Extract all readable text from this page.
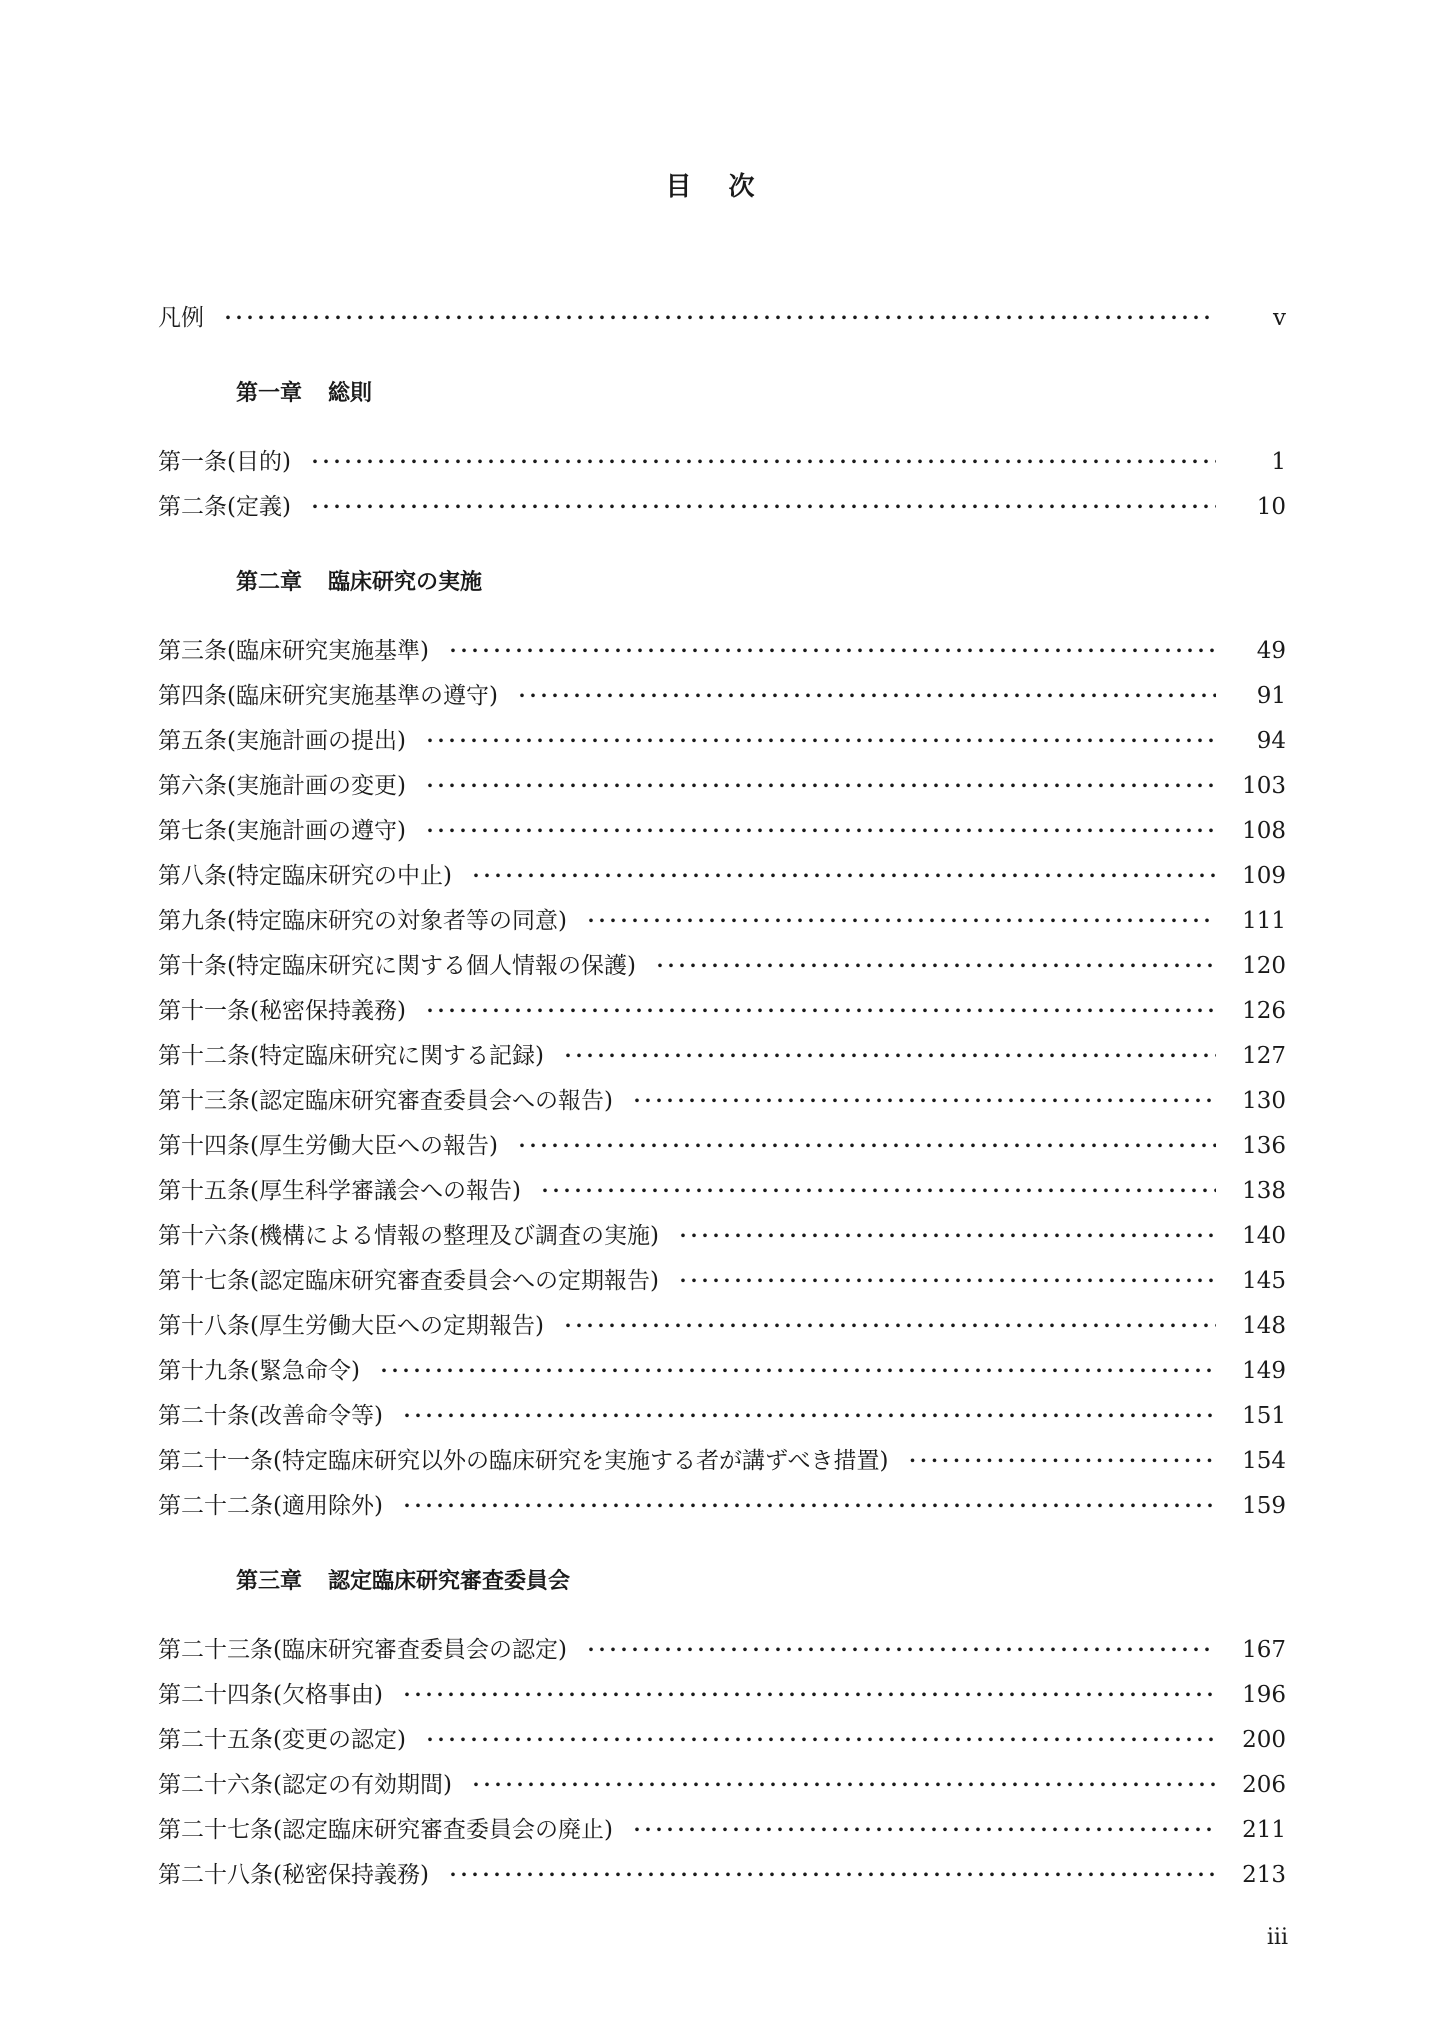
目 次
凡例 ・・・・・・・・・・・・・・・・・・・・・・・・・・・・・・・・・・・・・・・・・・・・・・・・・・・・・・・・・・・・・・・・・・・・・・・・・・・・・・・・・・・・・・・・・・・・・・・・・・・・・・・・	v
第一章 総則
第一条(目的) ・・・・・・・・・・・・・・・・・・・・・・・・・・・・・・・・・・・・・・・・・・・・・・・・・・・・・・・・・・・・・・・・・・・・・・・・・・・・・・・・・・・・・・・・・・・・・・・・・・・・・・・・	1
第二条(定義) ・・・・・・・・・・・・・・・・・・・・・・・・・・・・・・・・・・・・・・・・・・・・・・・・・・・・・・・・・・・・・・・・・・・・・・・・・・・・・・・・・・・・・・・・・・・・・・・・・・・・・・・・	10
第二章 臨床研究の実施
第三条(臨床研究実施基準) ・・・・・・・・・・・・・・・・・・・・・・・・・・・・・・・・・・・・・・・・・・・・・・・・・・・・・・・・・・・・・・・・・・・・・・・・・・・・・・・・・・・・・・・・・・・・・・・・・・・・・・・・	49
第四条(臨床研究実施基準の遵守) ・・・・・・・・・・・・・・・・・・・・・・・・・・・・・・・・・・・・・・・・・・・・・・・・・・・・・・・・・・・・・・・・・・・・・・・・・・・・・・・・・・・・・・・・・・・・・・・・・・・・・・・・	91
第五条(実施計画の提出) ・・・・・・・・・・・・・・・・・・・・・・・・・・・・・・・・・・・・・・・・・・・・・・・・・・・・・・・・・・・・・・・・・・・・・・・・・・・・・・・・・・・・・・・・・・・・・・・・・・・・・・・・	94
第六条(実施計画の変更) ・・・・・・・・・・・・・・・・・・・・・・・・・・・・・・・・・・・・・・・・・・・・・・・・・・・・・・・・・・・・・・・・・・・・・・・・・・・・・・・・・・・・・・・・・・・・・・・・・・・・・・・・	103
第七条(実施計画の遵守) ・・・・・・・・・・・・・・・・・・・・・・・・・・・・・・・・・・・・・・・・・・・・・・・・・・・・・・・・・・・・・・・・・・・・・・・・・・・・・・・・・・・・・・・・・・・・・・・・・・・・・・・・	108
第八条(特定臨床研究の中止) ・・・・・・・・・・・・・・・・・・・・・・・・・・・・・・・・・・・・・・・・・・・・・・・・・・・・・・・・・・・・・・・・・・・・・・・・・・・・・・・・・・・・・・・・・・・・・・・・・・・・・・・・	109
第九条(特定臨床研究の対象者等の同意) ・・・・・・・・・・・・・・・・・・・・・・・・・・・・・・・・・・・・・・・・・・・・・・・・・・・・・・・・・・・・・・・・・・・・・・・・・・・・・・・・・・・・・・・・・・・・・・・・・・・・・・・・	111
第十条(特定臨床研究に関する個人情報の保護) ・・・・・・・・・・・・・・・・・・・・・・・・・・・・・・・・・・・・・・・・・・・・・・・・・・・・・・・・・・・・・・・・・・・・・・・・・・・・・・・・・・・・・・・・・・・・・・・・・・・・・・・・	120
第十一条(秘密保持義務) ・・・・・・・・・・・・・・・・・・・・・・・・・・・・・・・・・・・・・・・・・・・・・・・・・・・・・・・・・・・・・・・・・・・・・・・・・・・・・・・・・・・・・・・・・・・・・・・・・・・・・・・・	126
第十二条(特定臨床研究に関する記録) ・・・・・・・・・・・・・・・・・・・・・・・・・・・・・・・・・・・・・・・・・・・・・・・・・・・・・・・・・・・・・・・・・・・・・・・・・・・・・・・・・・・・・・・・・・・・・・・・・・・・・・・・	127
第十三条(認定臨床研究審査委員会への報告) ・・・・・・・・・・・・・・・・・・・・・・・・・・・・・・・・・・・・・・・・・・・・・・・・・・・・・・・・・・・・・・・・・・・・・・・・・・・・・・・・・・・・・・・・・・・・・・・・・・・・・・・・	130
第十四条(厚生労働大臣への報告) ・・・・・・・・・・・・・・・・・・・・・・・・・・・・・・・・・・・・・・・・・・・・・・・・・・・・・・・・・・・・・・・・・・・・・・・・・・・・・・・・・・・・・・・・・・・・・・・・・・・・・・・・	136
第十五条(厚生科学審議会への報告) ・・・・・・・・・・・・・・・・・・・・・・・・・・・・・・・・・・・・・・・・・・・・・・・・・・・・・・・・・・・・・・・・・・・・・・・・・・・・・・・・・・・・・・・・・・・・・・・・・・・・・・・・	138
第十六条(機構による情報の整理及び調査の実施) ・・・・・・・・・・・・・・・・・・・・・・・・・・・・・・・・・・・・・・・・・・・・・・・・・・・・・・・・・・・・・・・・・・・・・・・・・・・・・・・・・・・・・・・・・・・・・・・・・・・・・・・・	140
第十七条(認定臨床研究審査委員会への定期報告) ・・・・・・・・・・・・・・・・・・・・・・・・・・・・・・・・・・・・・・・・・・・・・・・・・・・・・・・・・・・・・・・・・・・・・・・・・・・・・・・・・・・・・・・・・・・・・・・・・・・・・・・・	145
第十八条(厚生労働大臣への定期報告) ・・・・・・・・・・・・・・・・・・・・・・・・・・・・・・・・・・・・・・・・・・・・・・・・・・・・・・・・・・・・・・・・・・・・・・・・・・・・・・・・・・・・・・・・・・・・・・・・・・・・・・・・	148
第十九条(緊急命令) ・・・・・・・・・・・・・・・・・・・・・・・・・・・・・・・・・・・・・・・・・・・・・・・・・・・・・・・・・・・・・・・・・・・・・・・・・・・・・・・・・・・・・・・・・・・・・・・・・・・・・・・・	149
第二十条(改善命令等) ・・・・・・・・・・・・・・・・・・・・・・・・・・・・・・・・・・・・・・・・・・・・・・・・・・・・・・・・・・・・・・・・・・・・・・・・・・・・・・・・・・・・・・・・・・・・・・・・・・・・・・・・	151
第二十一条(特定臨床研究以外の臨床研究を実施する者が講ずべき措置) ・・・・・・・・・・・・・・・・・・・・・・・・・・・・・・・・・・・・・・・・・・・・・・・・・・・・・・・・・・・・・・・・・・・・・・・・・・・・・・・・・・・・・・・・・・・・・・・・・・・・・・・・	154
第二十二条(適用除外) ・・・・・・・・・・・・・・・・・・・・・・・・・・・・・・・・・・・・・・・・・・・・・・・・・・・・・・・・・・・・・・・・・・・・・・・・・・・・・・・・・・・・・・・・・・・・・・・・・・・・・・・・	159
第三章 認定臨床研究審査委員会
第二十三条(臨床研究審査委員会の認定) ・・・・・・・・・・・・・・・・・・・・・・・・・・・・・・・・・・・・・・・・・・・・・・・・・・・・・・・・・・・・・・・・・・・・・・・・・・・・・・・・・・・・・・・・・・・・・・・・・・・・・・・・	167
第二十四条(欠格事由) ・・・・・・・・・・・・・・・・・・・・・・・・・・・・・・・・・・・・・・・・・・・・・・・・・・・・・・・・・・・・・・・・・・・・・・・・・・・・・・・・・・・・・・・・・・・・・・・・・・・・・・・・	196
第二十五条(変更の認定) ・・・・・・・・・・・・・・・・・・・・・・・・・・・・・・・・・・・・・・・・・・・・・・・・・・・・・・・・・・・・・・・・・・・・・・・・・・・・・・・・・・・・・・・・・・・・・・・・・・・・・・・・	200
第二十六条(認定の有効期間) ・・・・・・・・・・・・・・・・・・・・・・・・・・・・・・・・・・・・・・・・・・・・・・・・・・・・・・・・・・・・・・・・・・・・・・・・・・・・・・・・・・・・・・・・・・・・・・・・・・・・・・・・	206
第二十七条(認定臨床研究審査委員会の廃止) ・・・・・・・・・・・・・・・・・・・・・・・・・・・・・・・・・・・・・・・・・・・・・・・・・・・・・・・・・・・・・・・・・・・・・・・・・・・・・・・・・・・・・・・・・・・・・・・・・・・・・・・・	211
第二十八条(秘密保持義務) ・・・・・・・・・・・・・・・・・・・・・・・・・・・・・・・・・・・・・・・・・・・・・・・・・・・・・・・・・・・・・・・・・・・・・・・・・・・・・・・・・・・・・・・・・・・・・・・・・・・・・・・・	213
iii
